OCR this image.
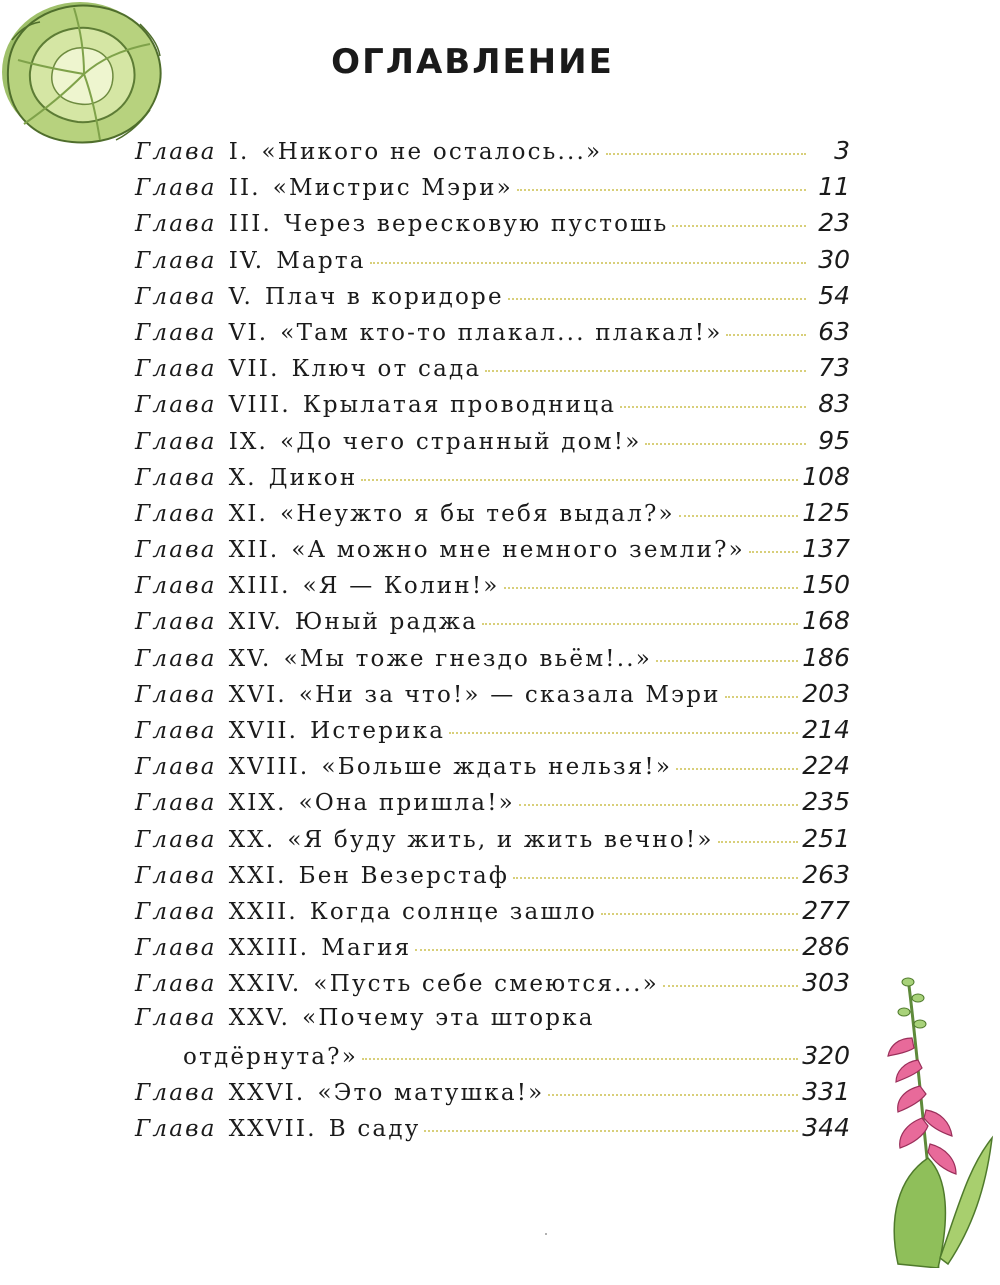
ОГЛАВЛЕНИЕ
Глава I. «Никого не осталось...»	3
Глава II. «Мистрис Мэри»	11
Глава III. Через вересковую пустошь	23
Глава IV. Марта	30
Глава V. Плач в коридоре	54
Глава VI. «Там кто-то плакал... плакал!»	63
Глава VII. Ключ от сада	73
Глава VIII. Крылатая проводница	83
Глава IX. «До чего странный дом!»	95
Глава X. Дикон	108
Глава XI. «Неужто я бы тебя выдал?»	125
Глава XII. «А можно мне немного земли?» 137
Глава XIII. «Я — Колин!»	150
Глава XIV. Юный раджа	168
Глава XV. «Мы тоже гнездо вьём!..»	186
Глава XVI. «Ни за что!» — сказала Мэри	203
Глава XVII. Истерика	214
Глава XVIII. «Больше ждать нельзя!»	224
Глава XIX. «Она пришла!»	235
Глава XX. «Я буду жить, и жить вечно!»	251
Глава XXI. Бен Везерстаф	263
Глава XXII. Когда солнце зашло	277
Глава XXIII. Магия	286
Глава XXIV. «Пусть себе смеются...»	303
Глава XXV. «Почему эта шторка
отдёрнута?»	320
Глава XXVI. «Это матушка!»	331
Глава XXVII. В саду	344
